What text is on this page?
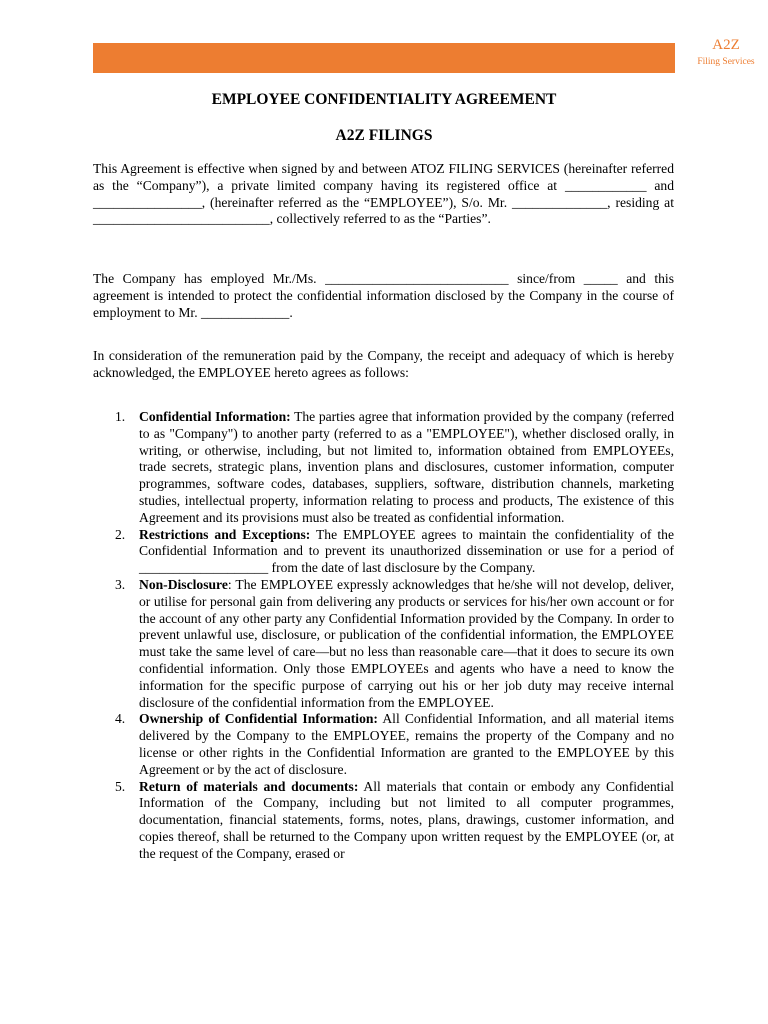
A2Z
Filing Services
EMPLOYEE CONFIDENTIALITY AGREEMENT
A2Z FILINGS

This Agreement is effective when signed by and between ATOZ FILING SERVICES (hereinafter referred as the “Company”), a private limited company having its registered office at ____________ and ________________, (hereinafter referred as the “EMPLOYEE”), S/o. Mr. ______________, residing at __________________________, collectively referred to as the “Parties”.

The Company has employed Mr./Ms. ___________________________ since/from _____ and this agreement is intended to protect the confidential information disclosed by the Company in the course of employment to Mr. _____________.

In consideration of the remuneration paid by the Company, the receipt and adequacy of which is hereby acknowledged, the EMPLOYEE hereto agrees as follows:

1. Confidential Information: The parties agree that information provided by the company (referred to as "Company") to another party (referred to as a "EMPLOYEE"), whether disclosed orally, in writing, or otherwise, including, but not limited to, information obtained from EMPLOYEEs, trade secrets, strategic plans, invention plans and disclosures, customer information, computer programmes, software codes, databases, suppliers, software, distribution channels, marketing studies, intellectual property, information relating to process and products, The existence of this Agreement and its provisions must also be treated as confidential information.
2. Restrictions and Exceptions: The EMPLOYEE agrees to maintain the confidentiality of the Confidential Information and to prevent its unauthorized dissemination or use for a period of ___________________ from the date of last disclosure by the Company.
3. Non-Disclosure: The EMPLOYEE expressly acknowledges that he/she will not develop, deliver, or utilise for personal gain from delivering any products or services for his/her own account or for the account of any other party any Confidential Information provided by the Company. In order to prevent unlawful use, disclosure, or publication of the confidential information, the EMPLOYEE must take the same level of care—but no less than reasonable care—that it does to secure its own confidential information. Only those EMPLOYEEs and agents who have a need to know the information for the specific purpose of carrying out his or her job duty may receive internal disclosure of the confidential information from the EMPLOYEE.
4. Ownership of Confidential Information: All Confidential Information, and all material items delivered by the Company to the EMPLOYEE, remains the property of the Company and no license or other rights in the Confidential Information are granted to the EMPLOYEE by this Agreement or by the act of disclosure.
5. Return of materials and documents: All materials that contain or embody any Confidential Information of the Company, including but not limited to all computer programmes, documentation, financial statements, forms, notes, plans, drawings, customer information, and copies thereof, shall be returned to the Company upon written request by the EMPLOYEE (or, at the request of the Company, erased or
